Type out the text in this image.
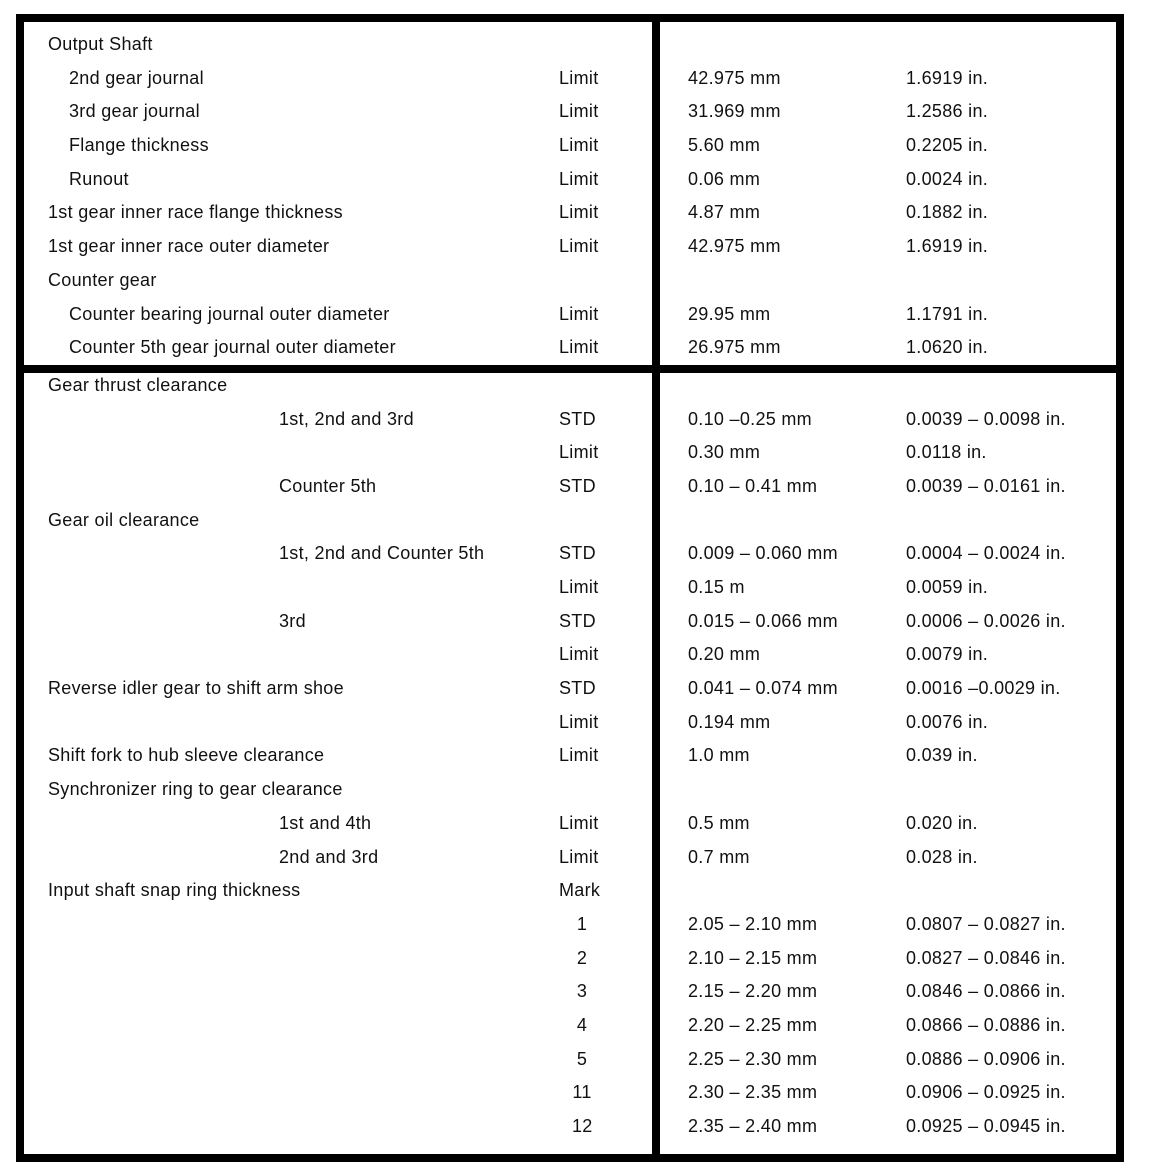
Output Shaft
2nd gear journal	Limit	42.975 mm	1.6919 in.
3rd gear journal	Limit	31.969 mm	1.2586 in.
Flange thickness	Limit	5.60 mm	0.2205 in.
Runout	Limit	0.06 mm	0.0024 in.
1st gear inner race flange thickness	Limit	4.87 mm	0.1882 in.
1st gear inner race outer diameter	Limit	42.975 mm	1.6919 in.
Counter gear
Counter bearing journal outer diameter	Limit	29.95 mm	1.1791 in.
Counter 5th gear journal outer diameter	Limit	26.975 mm	1.0620 in.
Gear thrust clearance
1st, 2nd and 3rd	STD	0.10 –0.25 mm	0.0039 – 0.0098 in.
Limit	0.30 mm	0.0118 in.
Counter 5th	STD	0.10 – 0.41 mm	0.0039 – 0.0161 in.
Gear oil clearance
1st, 2nd and Counter 5th	STD	0.009 – 0.060 mm	0.0004 – 0.0024 in.
Limit	0.15 m	0.0059 in.
3rd	STD	0.015 – 0.066 mm	0.0006 – 0.0026 in.
Limit	0.20 mm	0.0079 in.
Reverse idler gear to shift arm shoe	STD	0.041 – 0.074 mm	0.0016 –0.0029 in.
Limit	0.194 mm	0.0076 in.
Shift fork to hub sleeve clearance	Limit	1.0 mm	0.039 in.
Synchronizer ring to gear clearance
1st and 4th	Limit	0.5 mm	0.020 in.
2nd and 3rd	Limit	0.7 mm	0.028 in.
Input shaft snap ring thickness	Mark
1	2.05 – 2.10 mm	0.0807 – 0.0827 in.
2	2.10 – 2.15 mm	0.0827 – 0.0846 in.
3	2.15 – 2.20 mm	0.0846 – 0.0866 in.
4	2.20 – 2.25 mm	0.0866 – 0.0886 in.
5	2.25 – 2.30 mm	0.0886 – 0.0906 in.
11	2.30 – 2.35 mm	0.0906 – 0.0925 in.
12	2.35 – 2.40 mm	0.0925 – 0.0945 in.
